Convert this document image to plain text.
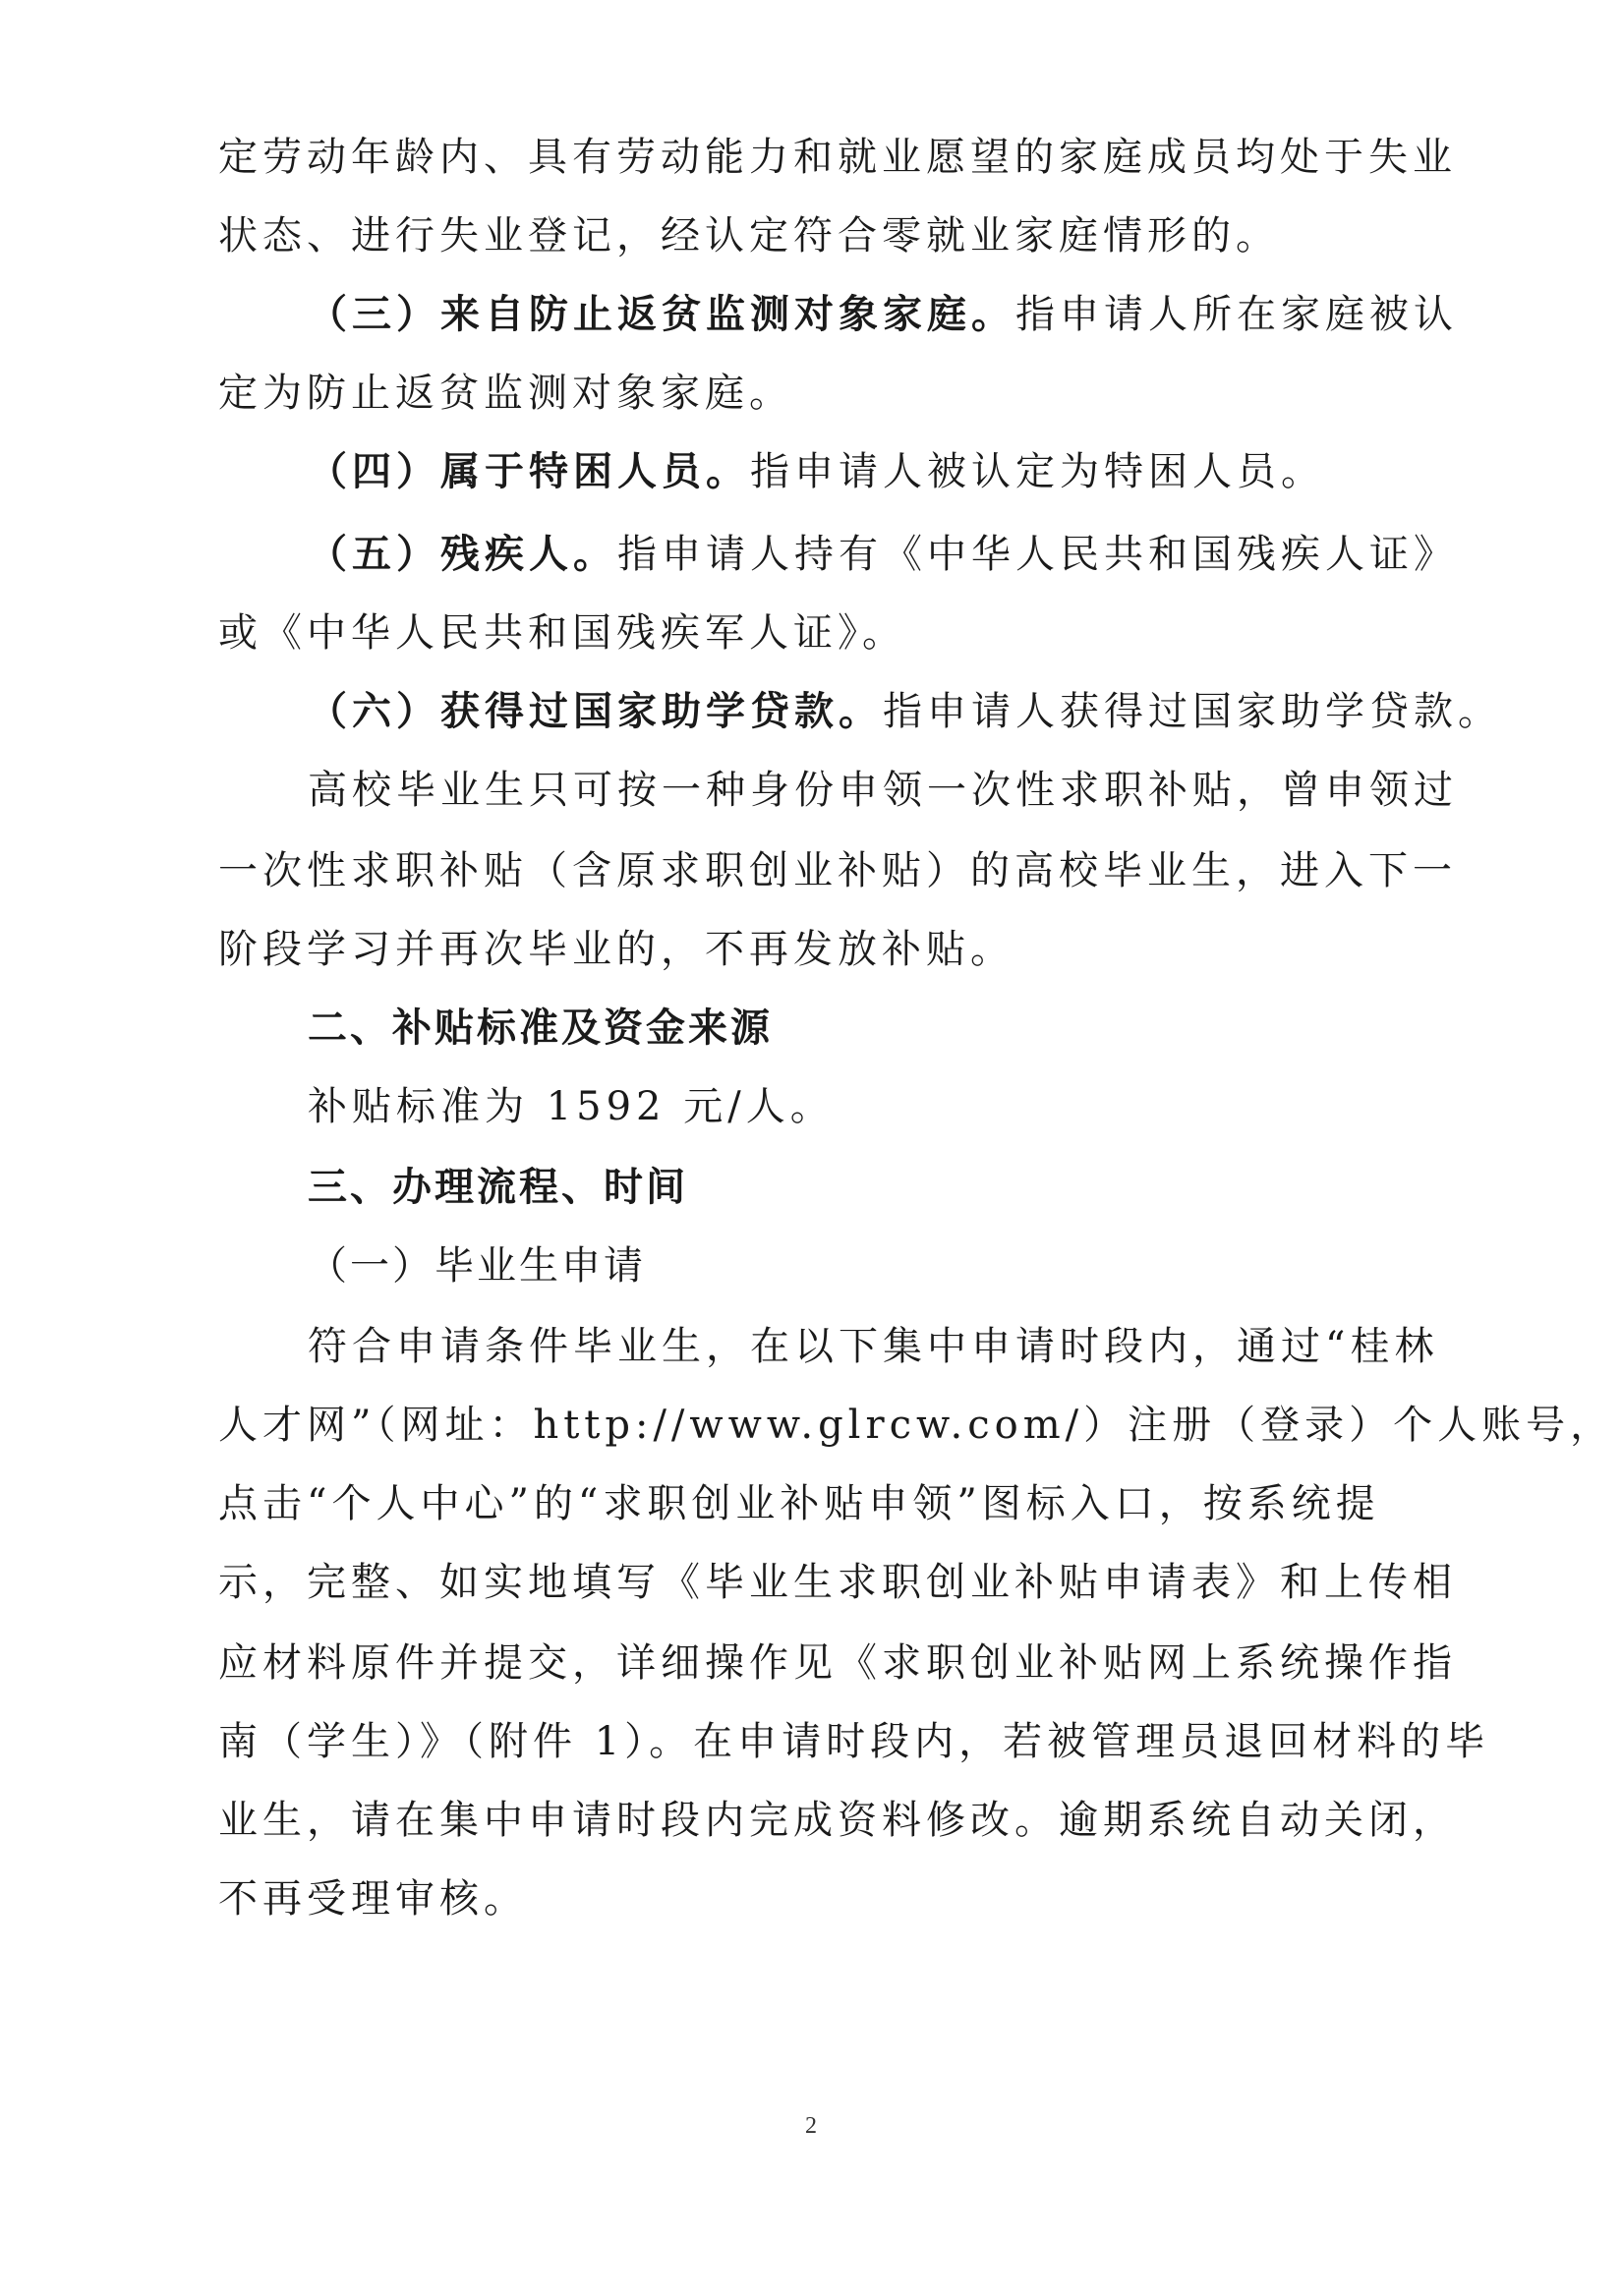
定劳动年龄内、具有劳动能力和就业愿望的家庭成员均处于失业
状态、进行失业登记，经认定符合零就业家庭情形的。
（三）来自防止返贫监测对象家庭。指申请人所在家庭被认
定为防止返贫监测对象家庭。
（四）属于特困人员。指申请人被认定为特困人员。
（五）残疾人。指申请人持有《中华人民共和国残疾人证》
或《中华人民共和国残疾军人证》。
（六）获得过国家助学贷款。指申请人获得过国家助学贷款。
高校毕业生只可按一种身份申领一次性求职补贴，曾申领过
一次性求职补贴（含原求职创业补贴）的高校毕业生，进入下一
阶段学习并再次毕业的，不再发放补贴。
二、补贴标准及资金来源
补贴标准为 1592 元/人。
三、办理流程、时间
（一）毕业生申请
符合申请条件毕业生，在以下集中申请时段内，通过“桂林
人才网”（网址：http://www.glrcw.com/）注册（登录）个人账号，
点击“个人中心”的“求职创业补贴申领”图标入口，按系统提
示，完整、如实地填写《毕业生求职创业补贴申请表》和上传相
应材料原件并提交，详细操作见《求职创业补贴网上系统操作指
南（学生）》（附件 1）。在申请时段内，若被管理员退回材料的毕
业生，请在集中申请时段内完成资料修改。逾期系统自动关闭，
不再受理审核。
2
